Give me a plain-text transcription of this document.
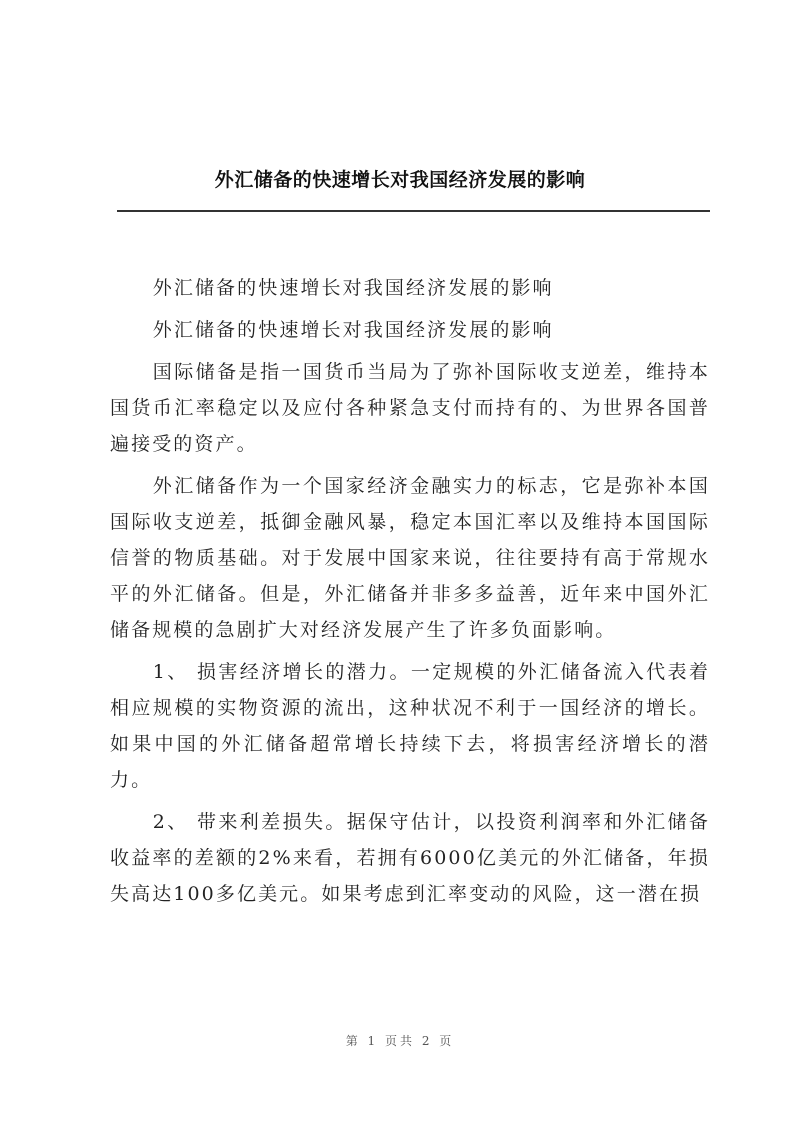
外汇储备的快速增长对我国经济发展的影响

外汇储备的快速增长对我国经济发展的影响

外汇储备的快速增长对我国经济发展的影响

国际储备是指一国货币当局为了弥补国际收支逆差，维持本国货币汇率稳定以及应付各种紧急支付而持有的、为世界各国普遍接受的资产。

外汇储备作为一个国家经济金融实力的标志，它是弥补本国国际收支逆差，抵御金融风暴，稳定本国汇率以及维持本国国际信誉的物质基础。对于发展中国家来说，往往要持有高于常规水平的外汇储备。但是，外汇储备并非多多益善，近年来中国外汇储备规模的急剧扩大对经济发展产生了许多负面影响。

1、 损害经济增长的潜力。一定规模的外汇储备流入代表着相应规模的实物资源的流出，这种状况不利于一国经济的增长。如果中国的外汇储备超常增长持续下去，将损害经济增长的潜力。

2、 带来利差损失。据保守估计，以投资利润率和外汇储备收益率的差额的2%来看，若拥有6000亿美元的外汇储备，年损失高达100多亿美元。如果考虑到汇率变动的风险，这一潜在损

第 1 页共 2 页
